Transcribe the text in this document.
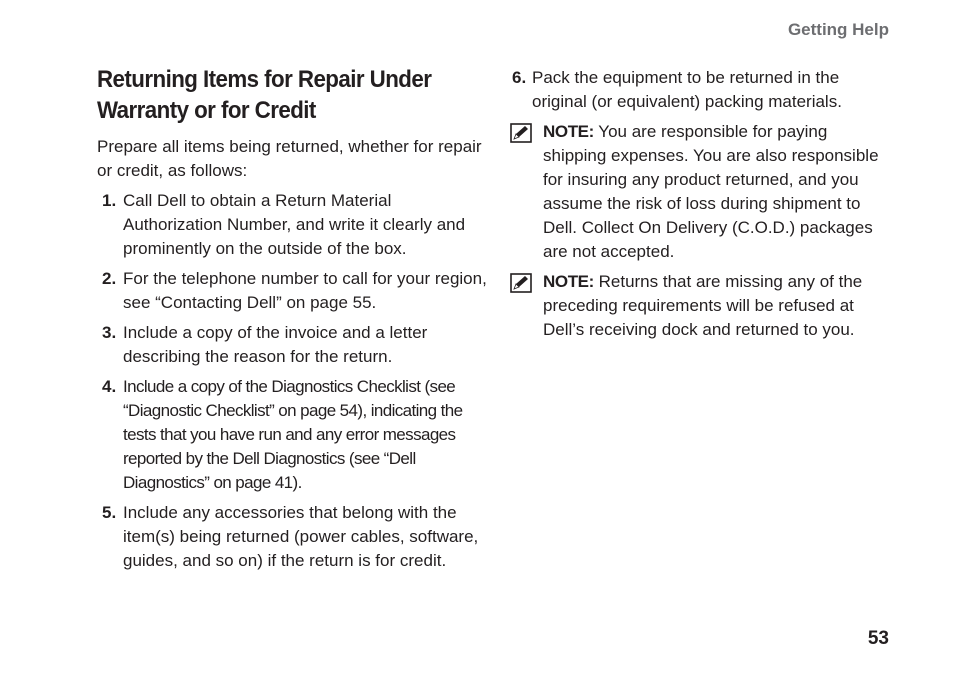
Getting Help
Returning Items for Repair Under Warranty or for Credit

Prepare all items being returned, whether for repair or credit, as follows:

1. Call Dell to obtain a Return Material Authorization Number, and write it clearly and prominently on the outside of the box.
2. For the telephone number to call for your region, see “Contacting Dell” on page 55.
3. Include a copy of the invoice and a letter describing the reason for the return.
4. Include a copy of the Diagnostics Checklist (see “Diagnostic Checklist” on page 54), indicating the tests that you have run and any error messages reported by the Dell Diagnostics (see “Dell Diagnostics” on page 41).
5. Include any accessories that belong with the item(s) being returned (power cables, software, guides, and so on) if the return is for credit.
6. Pack the equipment to be returned in the original (or equivalent) packing materials.
NOTE: You are responsible for paying shipping expenses. You are also responsible for insuring any product returned, and you assume the risk of loss during shipment to Dell. Collect On Delivery (C.O.D.) packages are not accepted.
NOTE: Returns that are missing any of the preceding requirements will be refused at Dell’s receiving dock and returned to you.
53
